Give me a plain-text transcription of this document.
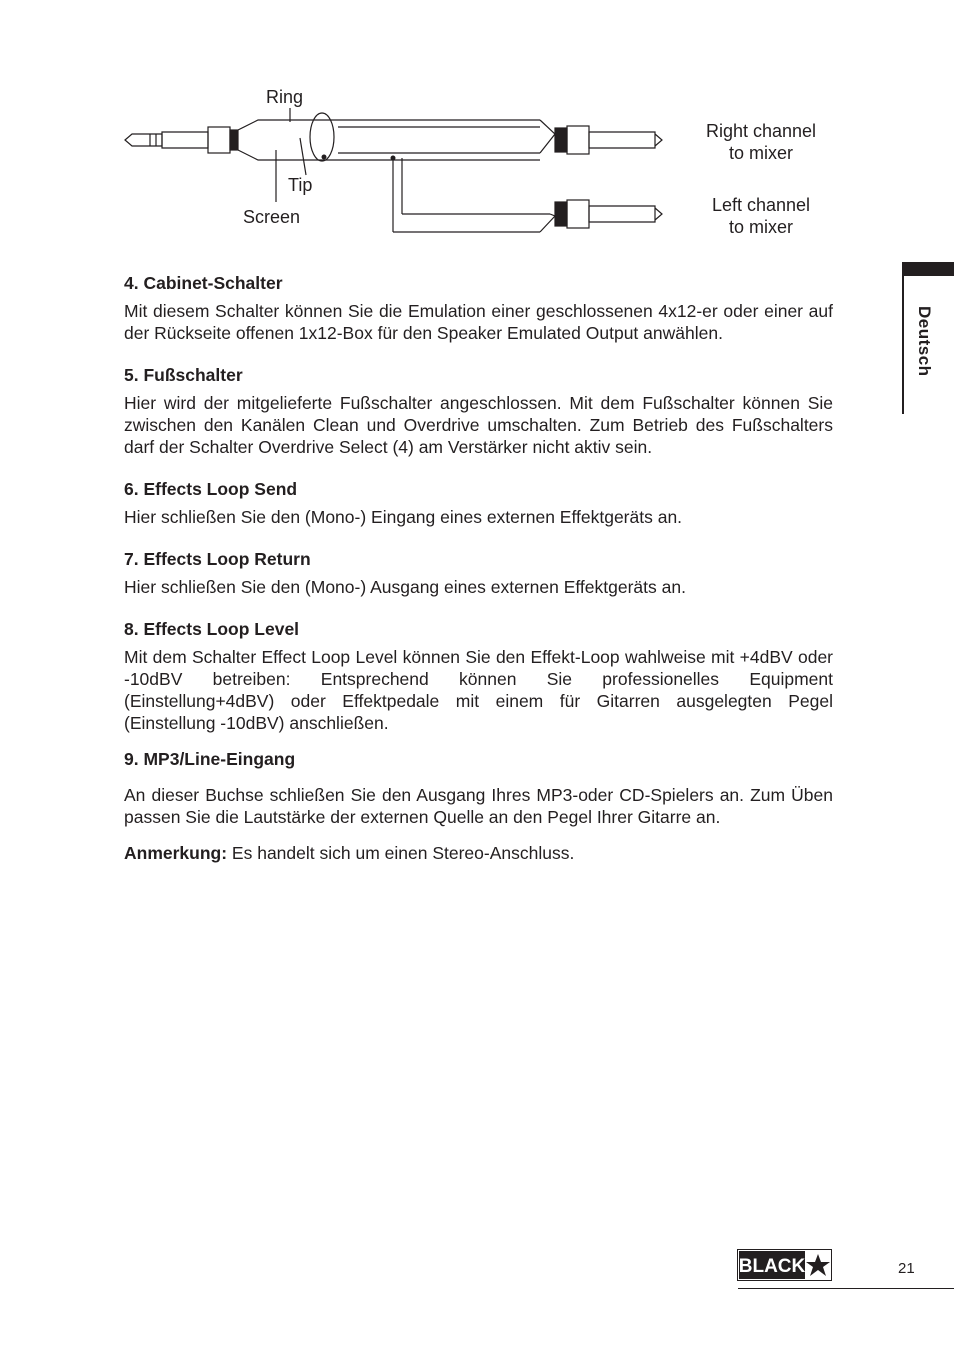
Ring
Tip
Screen
Right channel
to mixer
Left channel
to mixer

4. Cabinet-Schalter

Mit diesem Schalter können Sie die Emulation einer geschlossenen 4x12-er oder einer auf der Rückseite offenen 1x12-Box für den Speaker Emulated Output anwählen.

5. Fußschalter

Hier wird der mitgelieferte Fußschalter angeschlossen. Mit dem Fußschalter können Sie zwischen den Kanälen Clean und Overdrive umschalten. Zum Betrieb des Fußschalters darf der Schalter Overdrive Select (4) am Verstärker nicht aktiv sein.

6. Effects Loop Send

Hier schließen Sie den (Mono-) Eingang eines externen Effektgeräts an.

7. Effects Loop Return

Hier schließen Sie den (Mono-) Ausgang eines externen Effektgeräts an.

8. Effects Loop Level

Mit dem Schalter Effect Loop Level können Sie den Effekt-Loop wahlweise mit +4dBV oder -10dBV betreiben: Entsprechend können Sie professionelles Equipment (Einstellung+4dBV) oder Effektpedale mit einem für Gitarren ausgelegten Pegel (Einstellung -10dBV) anschließen.

9. MP3/Line-Eingang

An dieser Buchse schließen Sie den Ausgang Ihres MP3-oder CD-Spielers an. Zum Üben passen Sie die Lautstärke der externen Quelle an den Pegel Ihrer Gitarre an.

Anmerkung: Es handelt sich um einen Stereo-Anschluss.

Deutsch
BLACK	21
